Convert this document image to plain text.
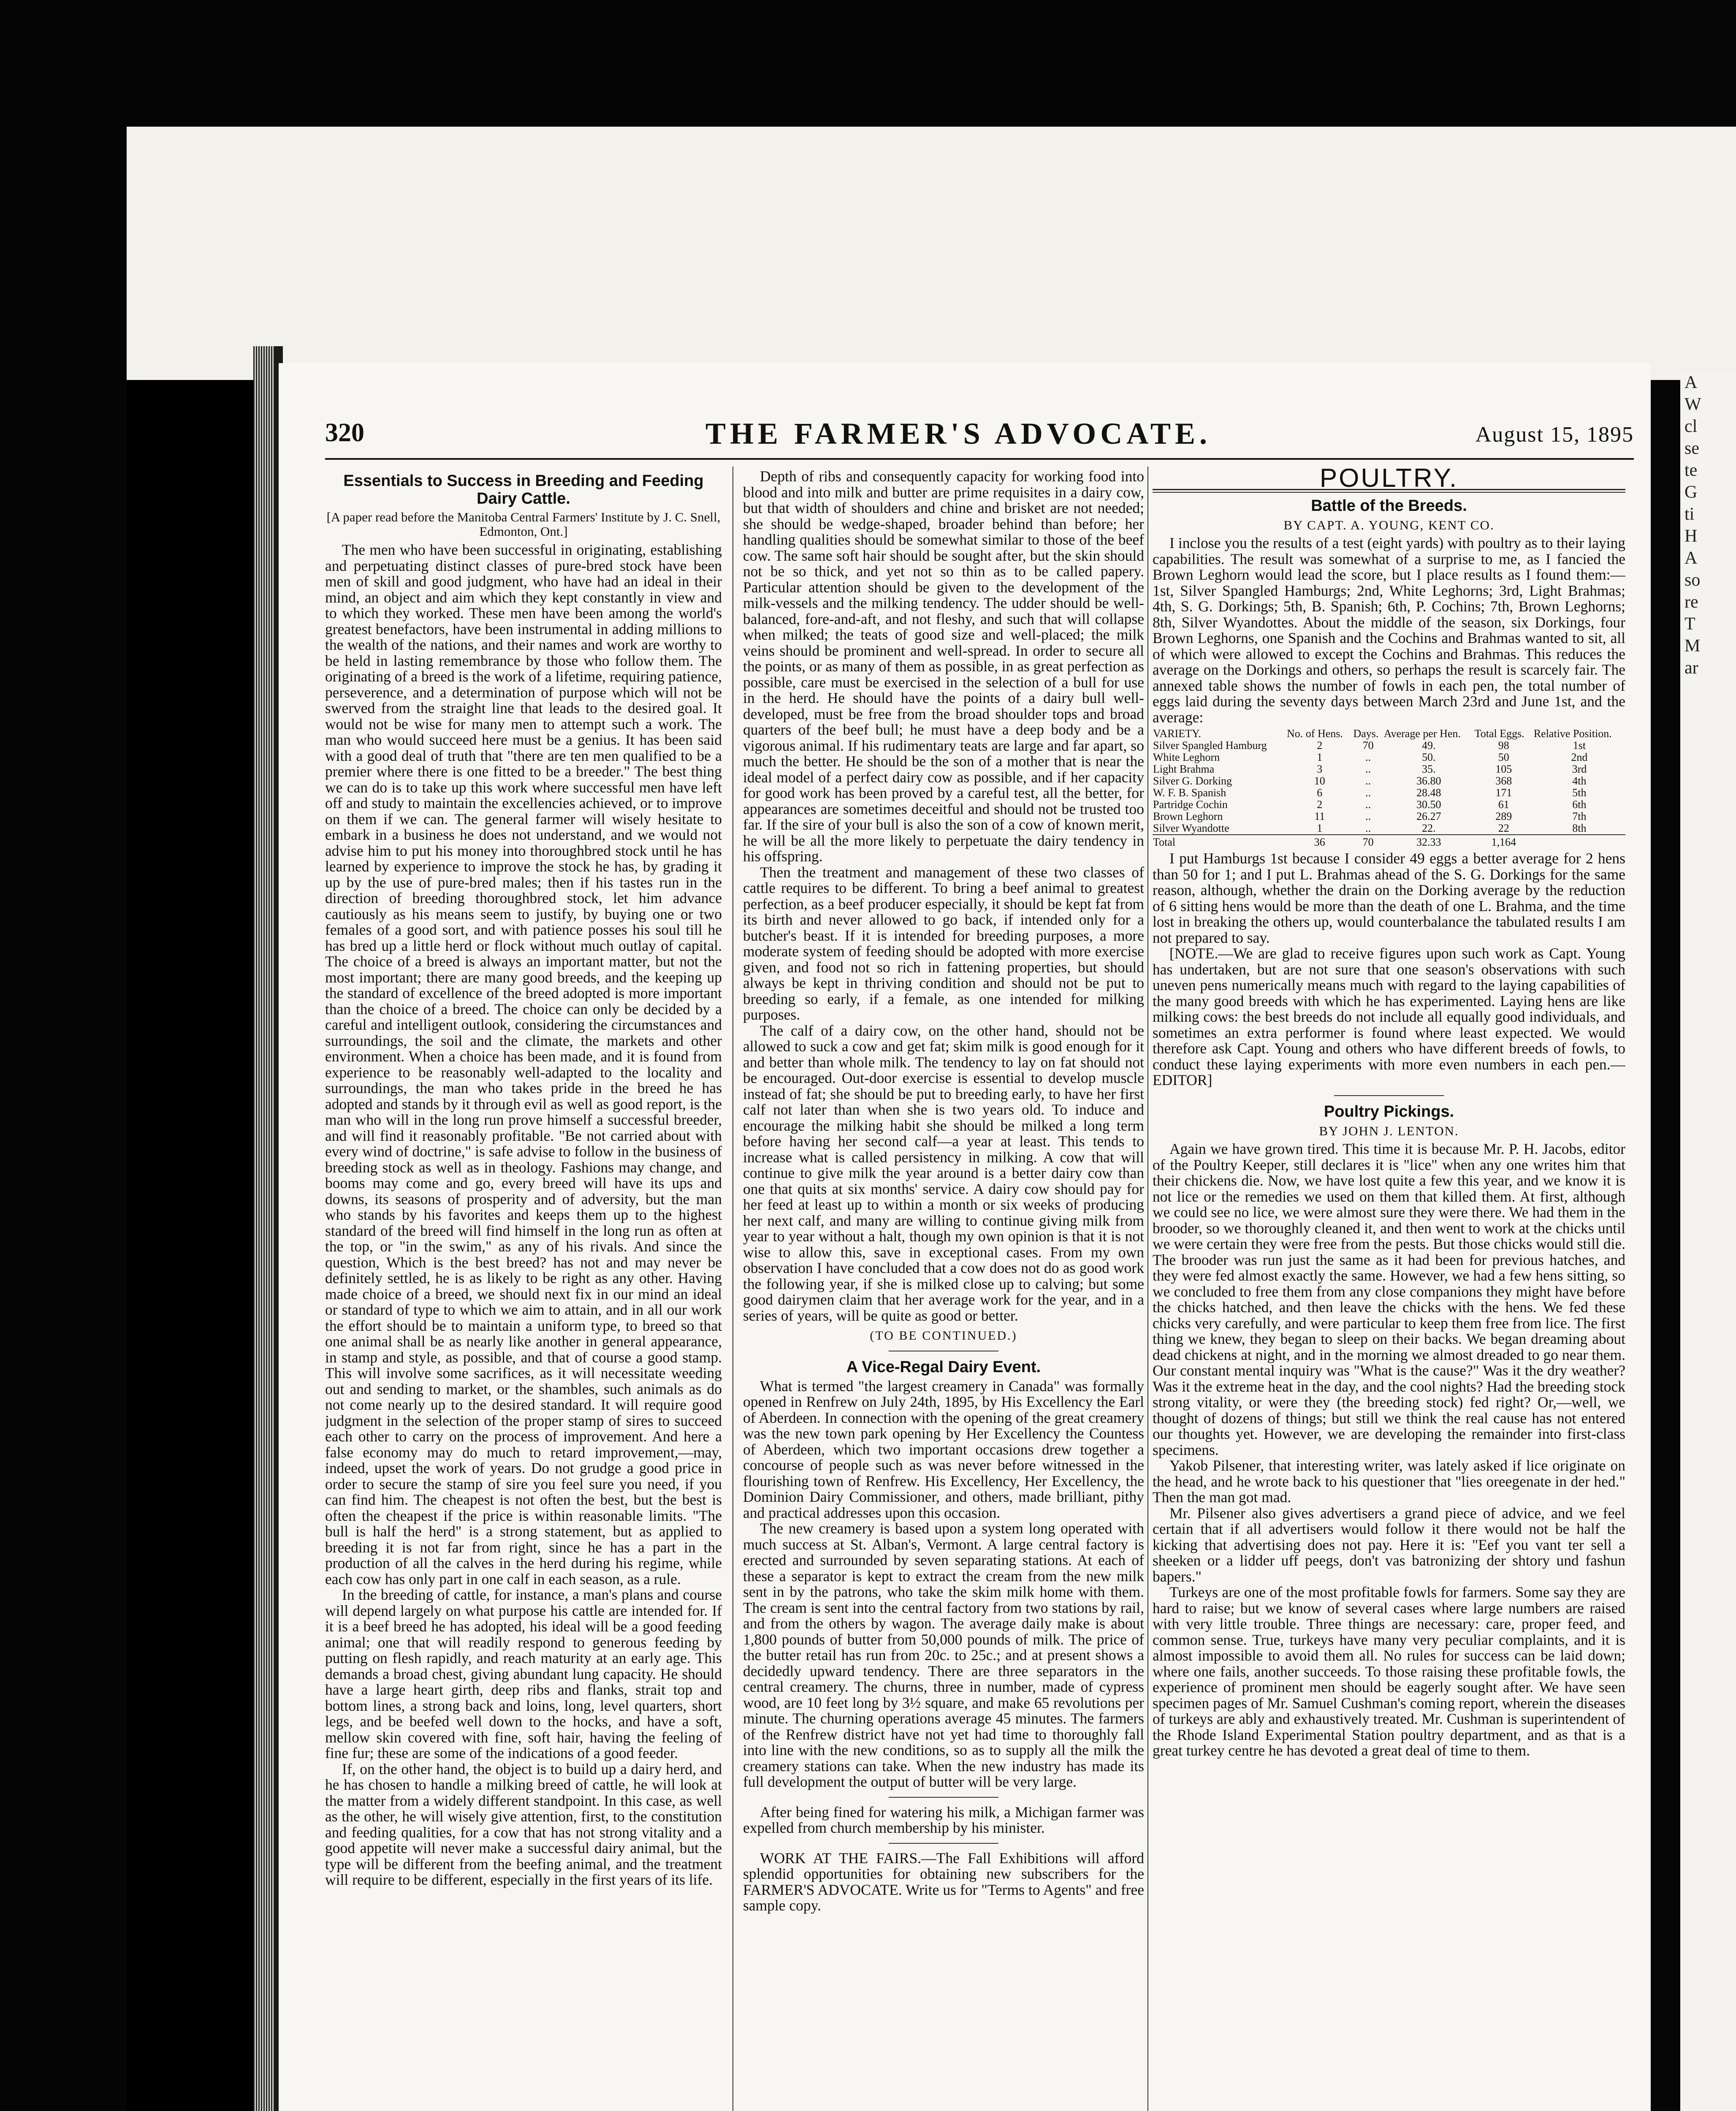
A
W
cl
se
te
G
ti
H
A
so
re
T
M
ar
320	THE FARMER'S ADVOCATE.	August 15, 1895
Essentials to Success in Breeding and Feeding Dairy Cattle.
[A paper read before the Manitoba Central Farmers' Institute by J. C. Snell, Edmonton, Ont.]

The men who have been successful in originating, establishing and perpetuating distinct classes of pure-bred stock have been men of skill and good judgment, who have had an ideal in their mind, an object and aim which they kept constantly in view and to which they worked. These men have been among the world's greatest benefactors, have been instrumental in adding millions to the wealth of the nations, and their names and work are worthy to be held in lasting remembrance by those who follow them. The originating of a breed is the work of a lifetime, requiring patience, perseverence, and a determination of purpose which will not be swerved from the straight line that leads to the desired goal. It would not be wise for many men to attempt such a work. The man who would succeed here must be a genius. It has been said with a good deal of truth that "there are ten men qualified to be a premier where there is one fitted to be a breeder." The best thing we can do is to take up this work where successful men have left off and study to maintain the excellencies achieved, or to improve on them if we can. The general farmer will wisely hesitate to embark in a business he does not understand, and we would not advise him to put his money into thoroughbred stock until he has learned by experience to improve the stock he has, by grading it up by the use of pure-bred males; then if his tastes run in the direction of breeding thoroughbred stock, let him advance cautiously as his means seem to justify, by buying one or two females of a good sort, and with patience posses his soul till he has bred up a little herd or flock without much outlay of capital. The choice of a breed is always an important matter, but not the most important; there are many good breeds, and the keeping up the standard of excellence of the breed adopted is more important than the choice of a breed. The choice can only be decided by a careful and intelligent outlook, considering the circumstances and surroundings, the soil and the climate, the markets and other environment. When a choice has been made, and it is found from experience to be reasonably well-adapted to the locality and surroundings, the man who takes pride in the breed he has adopted and stands by it through evil as well as good report, is the man who will in the long run prove himself a successful breeder, and will find it reasonably profitable. "Be not carried about with every wind of doctrine," is safe advise to follow in the business of breeding stock as well as in theology. Fashions may change, and booms may come and go, every breed will have its ups and downs, its seasons of prosperity and of adversity, but the man who stands by his favorites and keeps them up to the highest standard of the breed will find himself in the long run as often at the top, or "in the swim," as any of his rivals. And since the question, Which is the best breed? has not and may never be definitely settled, he is as likely to be right as any other. Having made choice of a breed, we should next fix in our mind an ideal or standard of type to which we aim to attain, and in all our work the effort should be to maintain a uniform type, to breed so that one animal shall be as nearly like another in general appearance, in stamp and style, as possible, and that of course a good stamp. This will involve some sacrifices, as it will necessitate weeding out and sending to market, or the shambles, such animals as do not come nearly up to the desired standard. It will require good judgment in the selection of the proper stamp of sires to succeed each other to carry on the process of improvement. And here a false economy may do much to retard improvement,—may, indeed, upset the work of years. Do not grudge a good price in order to secure the stamp of sire you feel sure you need, if you can find him. The cheapest is not often the best, but the best is often the cheapest if the price is within reasonable limits. "The bull is half the herd" is a strong statement, but as applied to breeding it is not far from right, since he has a part in the production of all the calves in the herd during his regime, while each cow has only part in one calf in each season, as a rule.

In the breeding of cattle, for instance, a man's plans and course will depend largely on what purpose his cattle are intended for. If it is a beef breed he has adopted, his ideal will be a good feeding animal; one that will readily respond to generous feeding by putting on flesh rapidly, and reach maturity at an early age. This demands a broad chest, giving abundant lung capacity. He should have a large heart girth, deep ribs and flanks, strait top and bottom lines, a strong back and loins, long, level quarters, short legs, and be beefed well down to the hocks, and have a soft, mellow skin covered with fine, soft hair, having the feeling of fine fur; these are some of the indications of a good feeder.

If, on the other hand, the object is to build up a dairy herd, and he has chosen to handle a milking breed of cattle, he will look at the matter from a widely different standpoint. In this case, as well as the other, he will wisely give attention, first, to the constitution and feeding qualities, for a cow that has not strong vitality and a good appetite will never make a successful dairy animal, but the type will be different from the beefing animal, and the treatment will require to be different, especially in the first years of its life.

Depth of ribs and consequently capacity for working food into blood and into milk and butter are prime requisites in a dairy cow, but that width of shoulders and chine and brisket are not needed; she should be wedge-shaped, broader behind than before; her handling qualities should be somewhat similar to those of the beef cow. The same soft hair should be sought after, but the skin should not be so thick, and yet not so thin as to be called papery. Particular attention should be given to the development of the milk-vessels and the milking tendency. The udder should be well-balanced, fore-and-aft, and not fleshy, and such that will collapse when milked; the teats of good size and well-placed; the milk veins should be prominent and well-spread. In order to secure all the points, or as many of them as possible, in as great perfection as possible, care must be exercised in the selection of a bull for use in the herd. He should have the points of a dairy bull well-developed, must be free from the broad shoulder tops and broad quarters of the beef bull; he must have a deep body and be a vigorous animal. If his rudimentary teats are large and far apart, so much the better. He should be the son of a mother that is near the ideal model of a perfect dairy cow as possible, and if her capacity for good work has been proved by a careful test, all the better, for appearances are sometimes deceitful and should not be trusted too far. If the sire of your bull is also the son of a cow of known merit, he will be all the more likely to perpetuate the dairy tendency in his offspring.

Then the treatment and management of these two classes of cattle requires to be different. To bring a beef animal to greatest perfection, as a beef producer especially, it should be kept fat from its birth and never allowed to go back, if intended only for a butcher's beast. If it is intended for breeding purposes, a more moderate system of feeding should be adopted with more exercise given, and food not so rich in fattening properties, but should always be kept in thriving condition and should not be put to breeding so early, if a female, as one intended for milking purposes.

The calf of a dairy cow, on the other hand, should not be allowed to suck a cow and get fat; skim milk is good enough for it and better than whole milk. The tendency to lay on fat should not be encouraged. Out-door exercise is essential to develop muscle instead of fat; she should be put to breeding early, to have her first calf not later than when she is two years old. To induce and encourage the milking habit she should be milked a long term before having her second calf—a year at least. This tends to increase what is called persistency in milking. A cow that will continue to give milk the year around is a better dairy cow than one that quits at six months' service. A dairy cow should pay for her feed at least up to within a month or six weeks of producing her next calf, and many are willing to continue giving milk from year to year without a halt, though my own opinion is that it is not wise to allow this, save in exceptional cases. From my own observation I have concluded that a cow does not do as good work the following year, if she is milked close up to calving; but some good dairymen claim that her average work for the year, and in a series of years, will be quite as good or better.

(TO BE CONTINUED.)
A Vice-Regal Dairy Event.

What is termed "the largest creamery in Canada" was formally opened in Renfrew on July 24th, 1895, by His Excellency the Earl of Aberdeen. In connection with the opening of the great creamery was the new town park opening by Her Excellency the Countess of Aberdeen, which two important occasions drew together a concourse of people such as was never before witnessed in the flourishing town of Renfrew. His Excellency, Her Excellency, the Dominion Dairy Commissioner, and others, made brilliant, pithy and practical addresses upon this occasion.

The new creamery is based upon a system long operated with much success at St. Alban's, Vermont. A large central factory is erected and surrounded by seven separating stations. At each of these a separator is kept to extract the cream from the new milk sent in by the patrons, who take the skim milk home with them. The cream is sent into the central factory from two stations by rail, and from the others by wagon. The average daily make is about 1,800 pounds of butter from 50,000 pounds of milk. The price of the butter retail has run from 20c. to 25c.; and at present shows a decidedly upward tendency. There are three separators in the central creamery. The churns, three in number, made of cypress wood, are 10 feet long by 3½ square, and make 65 revolutions per minute. The churning operations average 45 minutes. The farmers of the Renfrew district have not yet had time to thoroughly fall into line with the new conditions, so as to supply all the milk the creamery stations can take. When the new industry has made its full development the output of butter will be very large.

After being fined for watering his milk, a Michigan farmer was expelled from church membership by his minister.

WORK AT THE FAIRS.—The Fall Exhibitions will afford splendid opportunities for obtaining new subscribers for the FARMER'S ADVOCATE. Write us for "Terms to Agents" and free sample copy.

POULTRY.
Battle of the Breeds.
BY CAPT. A. YOUNG, KENT CO.

I inclose you the results of a test (eight yards) with poultry as to their laying capabilities. The result was somewhat of a surprise to me, as I fancied the Brown Leghorn would lead the score, but I place results as I found them:—1st, Silver Spangled Hamburgs; 2nd, White Leghorns; 3rd, Light Brahmas; 4th, S. G. Dorkings; 5th, B. Spanish; 6th, P. Cochins; 7th, Brown Leghorns; 8th, Silver Wyandottes. About the middle of the season, six Dorkings, four Brown Leghorns, one Spanish and the Cochins and Brahmas wanted to sit, all of which were allowed to except the Cochins and Brahmas. This reduces the average on the Dorkings and others, so perhaps the result is scarcely fair. The annexed table shows the number of fowls in each pen, the total number of eggs laid during the seventy days between March 23rd and June 1st, and the average:

VARIETY.	No. of Hens.	Days.	Average per Hen.	Total Eggs.	Relative Position.
Silver Spangled Hamburg	2	70	49.	98	1st
White Leghorn	1	..	50.	50	2nd
Light Brahma	3	..	35.	105	3rd
Silver G. Dorking	10	..	36.80	368	4th
W. F. B. Spanish	6	..	28.48	171	5th
Partridge Cochin	2	..	30.50	61	6th
Brown Leghorn	11	..	26.27	289	7th
Silver Wyandotte	1	..	22.	22	8th
Total	36	70	32.33	1,164	

I put Hamburgs 1st because I consider 49 eggs a better average for 2 hens than 50 for 1; and I put L. Brahmas ahead of the S. G. Dorkings for the same reason, although, whether the drain on the Dorking average by the reduction of 6 sitting hens would be more than the death of one L. Brahma, and the time lost in breaking the others up, would counterbalance the tabulated results I am not prepared to say.

[NOTE.—We are glad to receive figures upon such work as Capt. Young has undertaken, but are not sure that one season's observations with such uneven pens numerically means much with regard to the laying capabilities of the many good breeds with which he has experimented. Laying hens are like milking cows: the best breeds do not include all equally good individuals, and sometimes an extra performer is found where least expected. We would therefore ask Capt. Young and others who have different breeds of fowls, to conduct these laying experiments with more even numbers in each pen.—EDITOR]

Poultry Pickings.
BY JOHN J. LENTON.

Again we have grown tired. This time it is because Mr. P. H. Jacobs, editor of the Poultry Keeper, still declares it is "lice" when any one writes him that their chickens die. Now, we have lost quite a few this year, and we know it is not lice or the remedies we used on them that killed them. At first, although we could see no lice, we were almost sure they were there. We had them in the brooder, so we thoroughly cleaned it, and then went to work at the chicks until we were certain they were free from the pests. But those chicks would still die. The brooder was run just the same as it had been for previous hatches, and they were fed almost exactly the same. However, we had a few hens sitting, so we concluded to free them from any close companions they might have before the chicks hatched, and then leave the chicks with the hens. We fed these chicks very carefully, and were particular to keep them free from lice. The first thing we knew, they began to sleep on their backs. We began dreaming about dead chickens at night, and in the morning we almost dreaded to go near them. Our constant mental inquiry was "What is the cause?" Was it the dry weather? Was it the extreme heat in the day, and the cool nights? Had the breeding stock strong vitality, or were they (the breeding stock) fed right? Or,—well, we thought of dozens of things; but still we think the real cause has not entered our thoughts yet. However, we are developing the remainder into first-class specimens.

Yakob Pilsener, that interesting writer, was lately asked if lice originate on the head, and he wrote back to his questioner that "lies oreegenate in der hed." Then the man got mad.

Mr. Pilsener also gives advertisers a grand piece of advice, and we feel certain that if all advertisers would follow it there would not be half the kicking that advertising does not pay. Here it is: "Eef you vant ter sell a sheeken or a lidder uff peegs, don't vas batronizing der shtory und fashun bapers."

Turkeys are one of the most profitable fowls for farmers. Some say they are hard to raise; but we know of several cases where large numbers are raised with very little trouble. Three things are necessary: care, proper feed, and common sense. True, turkeys have many very peculiar complaints, and it is almost impossible to avoid them all. No rules for success can be laid down; where one fails, another succeeds. To those raising these profitable fowls, the experience of prominent men should be eagerly sought after. We have seen specimen pages of Mr. Samuel Cushman's coming report, wherein the diseases of turkeys are ably and exhaustively treated. Mr. Cushman is superintendent of the Rhode Island Experimental Station poultry department, and as that is a great turkey centre he has devoted a great deal of time to them.
